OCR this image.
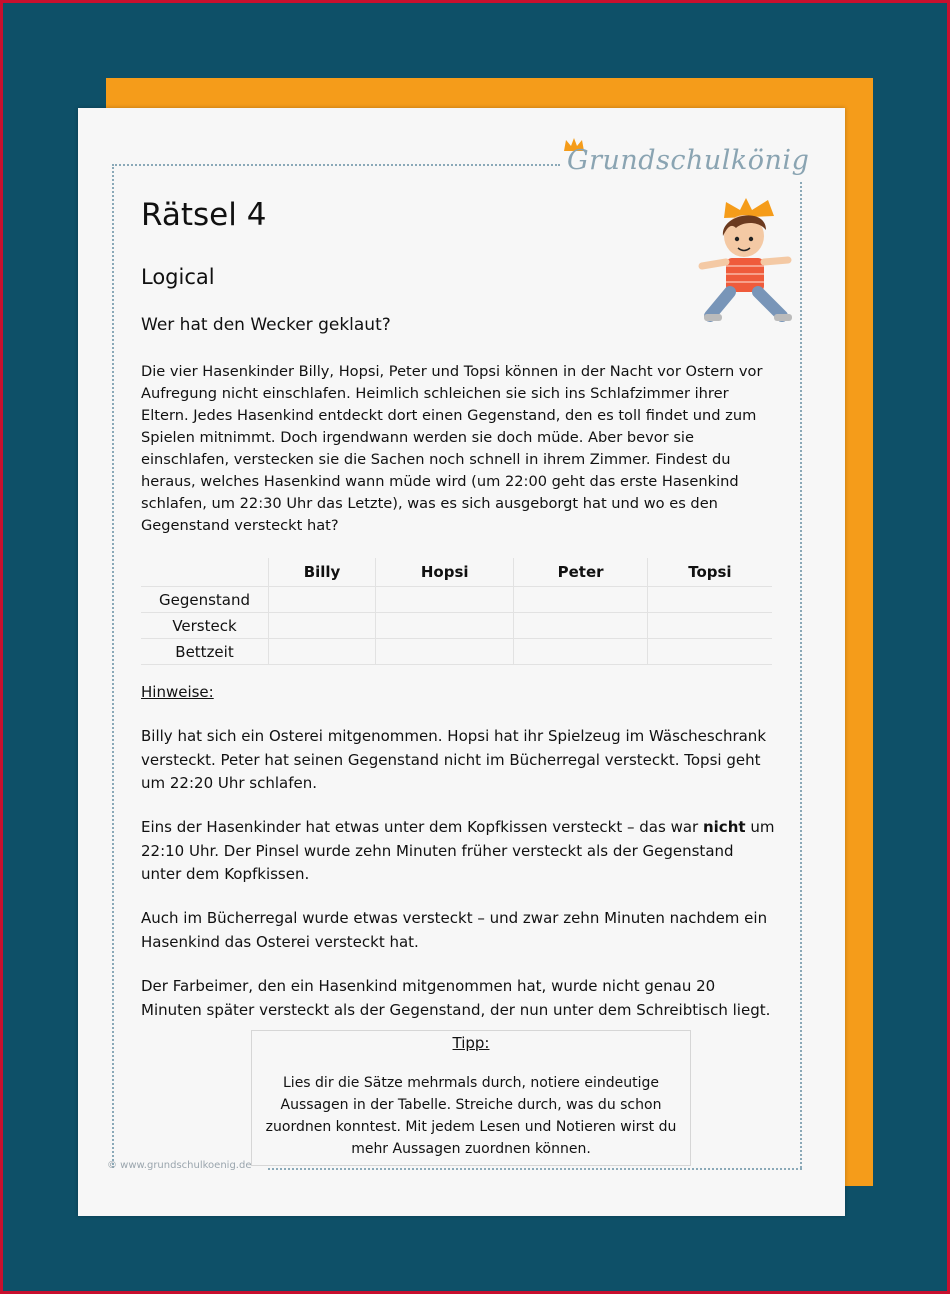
Grundschulkönig
Rätsel 4
Logical
Wer hat den Wecker geklaut?

Die vier Hasenkinder Billy, Hopsi, Peter und Topsi können in der Nacht vor Ostern vor Aufregung nicht einschlafen. Heimlich schleichen sie sich ins Schlafzimmer ihrer Eltern. Jedes Hasenkind entdeckt dort einen Gegenstand, den es toll findet und zum Spielen mitnimmt. Doch irgendwann werden sie doch müde. Aber bevor sie einschlafen, verstecken sie die Sachen noch schnell in ihrem Zimmer. Findest du heraus, welches Hasenkind wann müde wird (um 22:00 geht das erste Hasenkind schlafen, um 22:30 Uhr das Letzte), was es sich ausgeborgt hat und wo es den Gegenstand versteckt hat?

	Billy	Hopsi	Peter	Topsi
Gegenstand				
Versteck				
Bettzeit				
Hinweise:

Billy hat sich ein Osterei mitgenommen. Hopsi hat ihr Spielzeug im Wäscheschrank versteckt. Peter hat seinen Gegenstand nicht im Bücherregal versteckt. Topsi geht um 22:20 Uhr schlafen.

Eins der Hasenkinder hat etwas unter dem Kopfkissen versteckt – das war nicht um 22:10 Uhr. Der Pinsel wurde zehn Minuten früher versteckt als der Gegenstand unter dem Kopfkissen.

Auch im Bücherregal wurde etwas versteckt – und zwar zehn Minuten nachdem ein Hasenkind das Osterei versteckt hat.

Der Farbeimer, den ein Hasenkind mitgenommen hat, wurde nicht genau 20 Minuten später versteckt als der Gegenstand, der nun unter dem Schreibtisch liegt.

Tipp:

Lies dir die Sätze mehrmals durch, notiere eindeutige Aussagen in der Tabelle. Streiche durch, was du schon zuordnen konntest. Mit jedem Lesen und Notieren wirst du mehr Aussagen zuordnen können.

© www.grundschulkoenig.de
